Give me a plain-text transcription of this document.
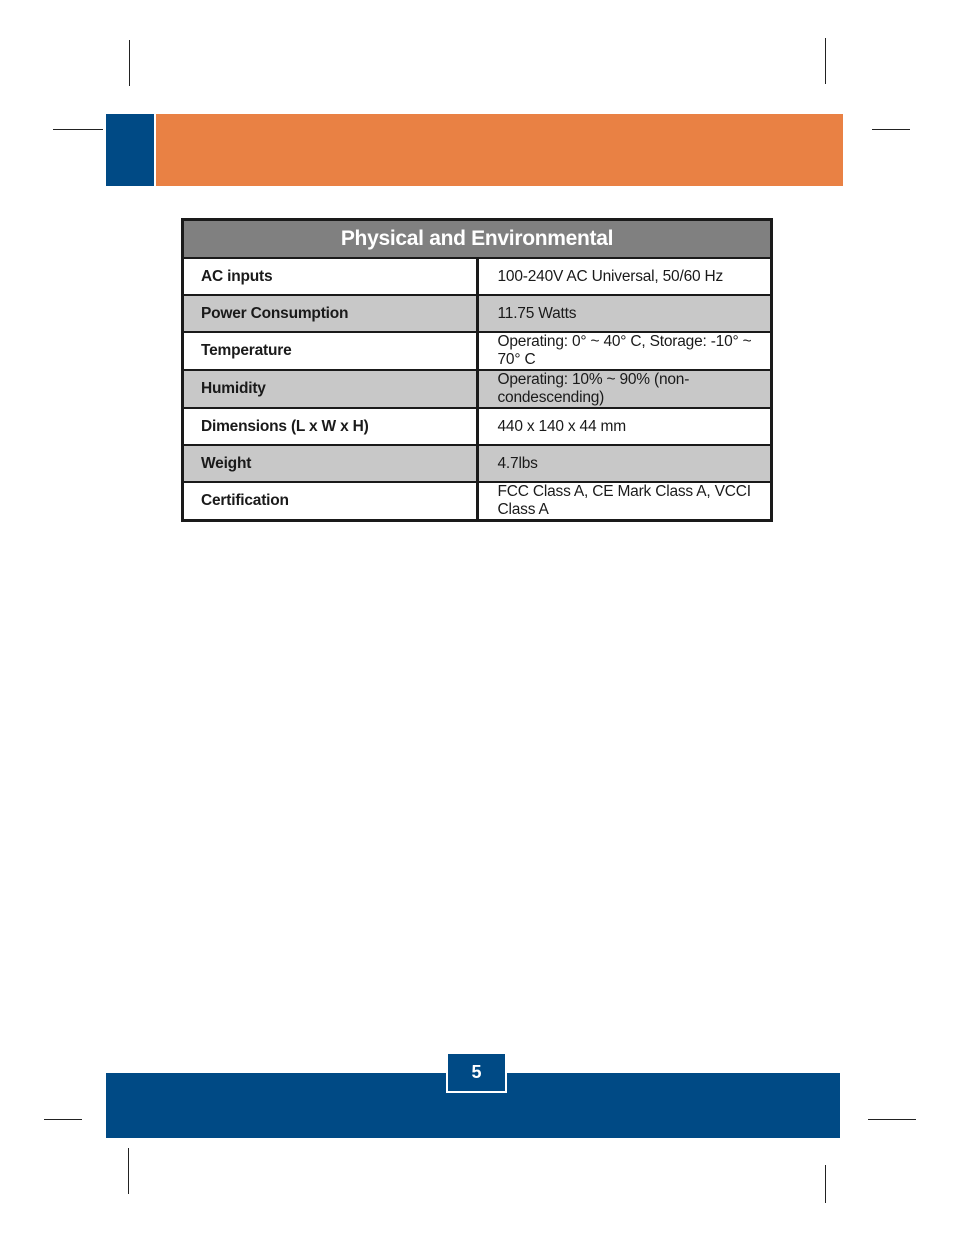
Physical and Environmental	
AC inputs	100-240V AC Universal, 50/60 Hz
Power Consumption	11.75 Watts
Temperature	Operating: 0° ~ 40° C, Storage: -10° ~ 70° C
Humidity	Operating: 10% ~ 90% (non-condescending)
Dimensions (L x W x H)	440 x 140 x 44 mm
Weight	4.7lbs
Certification	FCC Class A, CE Mark Class A, VCCI Class A
5
